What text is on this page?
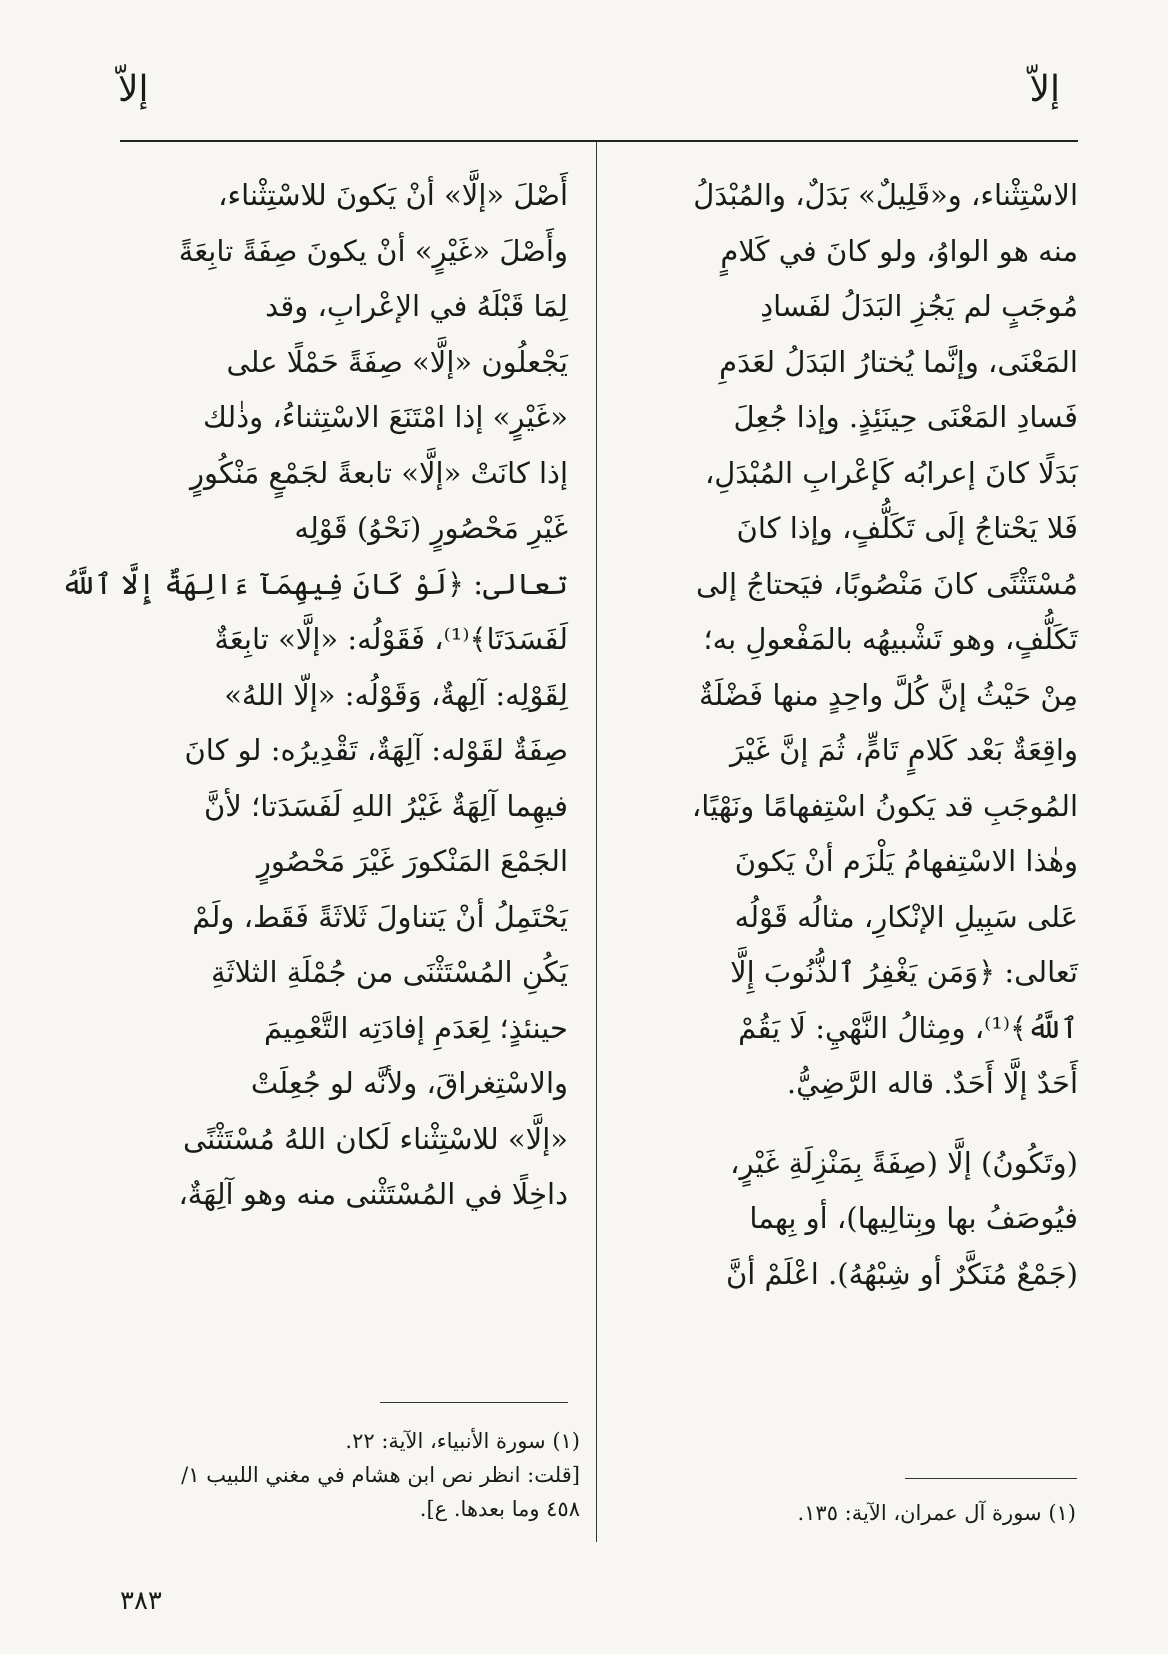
إلاّ
إلاّ
الاسْتِثْناء، و«قَلِيلٌ» بَدَلٌ، والمُبْدَلُ
منه هو الواوُ، ولو كانَ في كَلامٍ
مُوجَبٍ لم يَجُزِ البَدَلُ لفَسادِ
المَعْنَى، وإنَّما يُختارُ البَدَلُ لعَدَمِ
فَسادِ المَعْنَى حِينَئِذٍ. وإذا جُعِلَ
بَدَلًا كانَ إعرابُه كَإعْرابِ المُبْدَلِ،
فَلا يَحْتاجُ إلَى تَكَلُّفٍ، وإذا كانَ
مُسْتَثْنًى كانَ مَنْصُوبًا، فيَحتاجُ إلى
تَكَلُّفٍ، وهو تَشْبيهُه بالمَفْعولِ به؛
مِنْ حَيْثُ إنَّ كُلَّ واحِدٍ منها فَضْلَةٌ
واقِعَةٌ بَعْد كَلامٍ تَامٍّ، ثُمَ إنَّ غَيْرَ
المُوجَبِ قد يَكونُ اسْتِفهامًا ونَهْيًا،
وهٰذا الاسْتِفهامُ يَلْزَم أنْ يَكونَ
عَلى سَبِيلِ الإنْكارِ، مثالُه قَوْلُه
تَعالى: ﴿وَمَن يَغْفِرُ ٱلذُّنُوبَ إِلَّا
ٱللَّهُ﴾⁽¹⁾، ومِثالُ النَّهْيِ: لَا يَقُمْ
أَحَدٌ إلَّا أَحَدٌ. قاله الرَّضِيُّ.
(وتَكُونُ) إلَّا (صِفَةً بِمَنْزِلَةِ غَيْرٍ،
فيُوصَفُ بها وبِتالِيها)، أو بِهما
(جَمْعٌ مُنَكَّرٌ أو شِبْهُهُ). اعْلَمْ أنَّ
أَصْلَ «إلَّا» أنْ يَكونَ للاسْتِثْناء،
وأَصْلَ «غَيْرٍ» أنْ يكونَ صِفَةً تابِعَةً
لِمَا قَبْلَهُ في الإعْرابِ، وقد
يَجْعلُون «إلَّا» صِفَةً حَمْلًا على
«غَيْرٍ» إذا امْتَنَعَ الاسْتِثناءُ، وذٰلك
إذا كانَتْ «إلَّا» تابعةً لجَمْعٍ مَنْكُورٍ
غَيْرِ مَحْصُورٍ (نَحْوُ) قَوْلِه
تعالى: ﴿لَوْ كَانَ فِيهِمَآ ءَالِهَةٌ إِلَّا ٱللَّهُ
لَفَسَدَتَا﴾⁽¹⁾، فَقَوْلُه: «إلَّا» تابِعَةٌ
لِقَوْلِه: آلِهةٌ، وَقَوْلُه: «إلّا اللهُ»
صِفَةٌ لقَوْله: آلِهَةٌ، تَقْدِيرُه: لو كانَ
فيهِما آلِهَةٌ غَيْرُ اللهِ لَفَسَدَتا؛ لأنَّ
الجَمْعَ المَنْكورَ غَيْرَ مَحْصُورٍ
يَحْتَمِلُ أنْ يَتناولَ ثَلاثَةً فَقَط، ولَمْ
يَكُنِ المُسْتَثْنَى من جُمْلَةِ الثلاثَةِ
حينئذٍ؛ لِعَدَمِ إفادَتِه التَّعْمِيمَ
والاسْتِغراقَ، ولأنَّه لو جُعِلَتْ
«إلَّا» للاسْتِثْناء لَكان اللهُ مُسْتَثْنًى
داخِلًا في المُسْتَثْنى منه وهو آلِهَةٌ،
(١) سورة آل عمران، الآية: ١٣٥.
(١) سورة الأنبياء، الآية: ٢٢.
[قلت: انظر نص ابن هشام في مغني اللبيب ١/
٤٥٨ وما بعدها. ع].
٣٨٣
